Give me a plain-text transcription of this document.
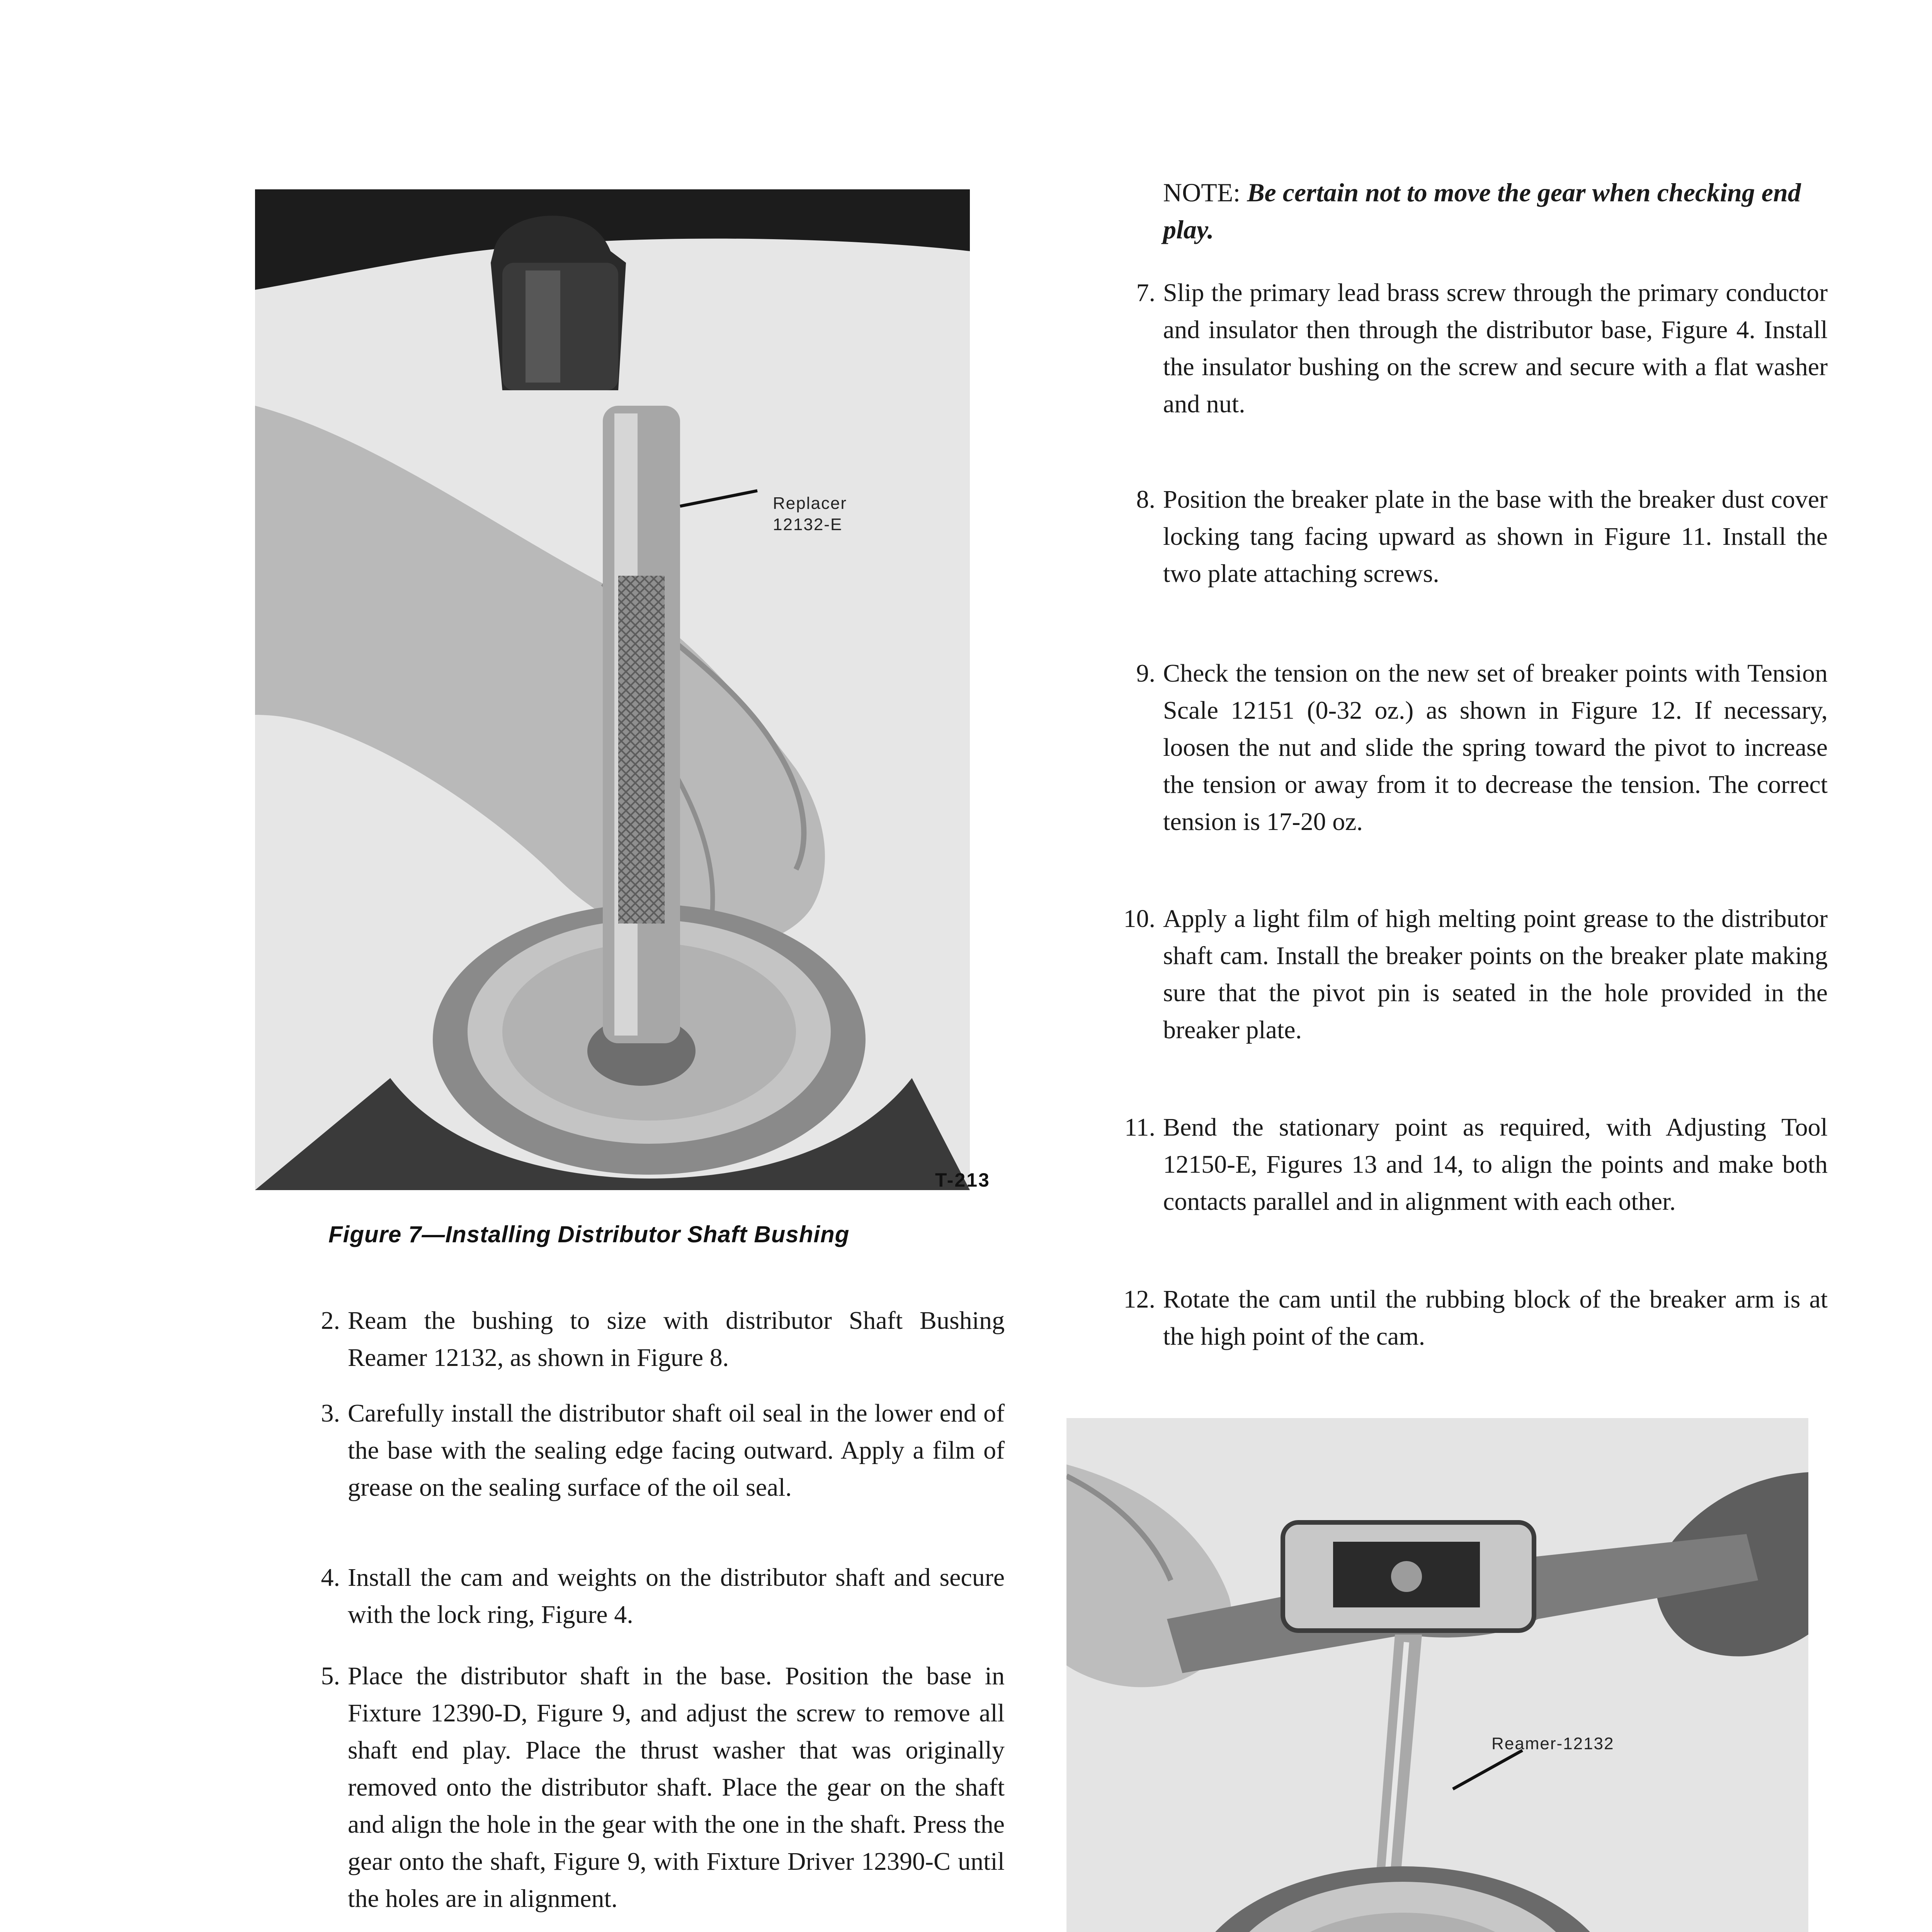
Replacer
12132-E
T-213
Figure 7—Installing Distributor Shaft Bushing
2. Ream the bushing to size with distributor Shaft Bushing Reamer 12132, as shown in Figure 8.
3. Carefully install the distributor shaft oil seal in the lower end of the base with the sealing edge facing outward. Apply a film of grease on the sealing surface of the oil seal.
4. Install the cam and weights on the distributor shaft and secure with the lock ring, Figure 4.
5. Place the distributor shaft in the base. Position the base in Fixture 12390-D, Figure 9, and adjust the screw to remove all shaft end play. Place the thrust washer that was originally removed onto the distributor shaft. Place the gear on the shaft and align the hole in the gear with the one in the shaft. Press the gear onto the shaft, Figure 9, with Fixture Driver 12390-C until the holes are in alignment.
NOTE: Be certain not to move the gear when checking end play.
7. Slip the primary lead brass screw through the primary conductor and insulator then through the distributor base, Figure 4. Install the insulator bushing on the screw and secure with a flat washer and nut.
8. Position the breaker plate in the base with the breaker dust cover locking tang facing upward as shown in Figure 11. Install the two plate attaching screws.
9. Check the tension on the new set of breaker points with Tension Scale 12151 (0-32 oz.) as shown in Figure 12. If necessary, loosen the nut and slide the spring toward the pivot to increase the tension or away from it to decrease the tension. The correct tension is 17-20 oz.
10. Apply a light film of high melting point grease to the distributor shaft cam. Install the breaker points on the breaker plate making sure that the pivot pin is seated in the hole provided in the breaker plate.
11. Bend the stationary point as required, with Adjusting Tool 12150-E, Figures 13 and 14, to align the points and make both contacts parallel and in alignment with each other.
12. Rotate the cam until the rubbing block of the breaker arm is at the high point of the cam.
Reamer-12132
